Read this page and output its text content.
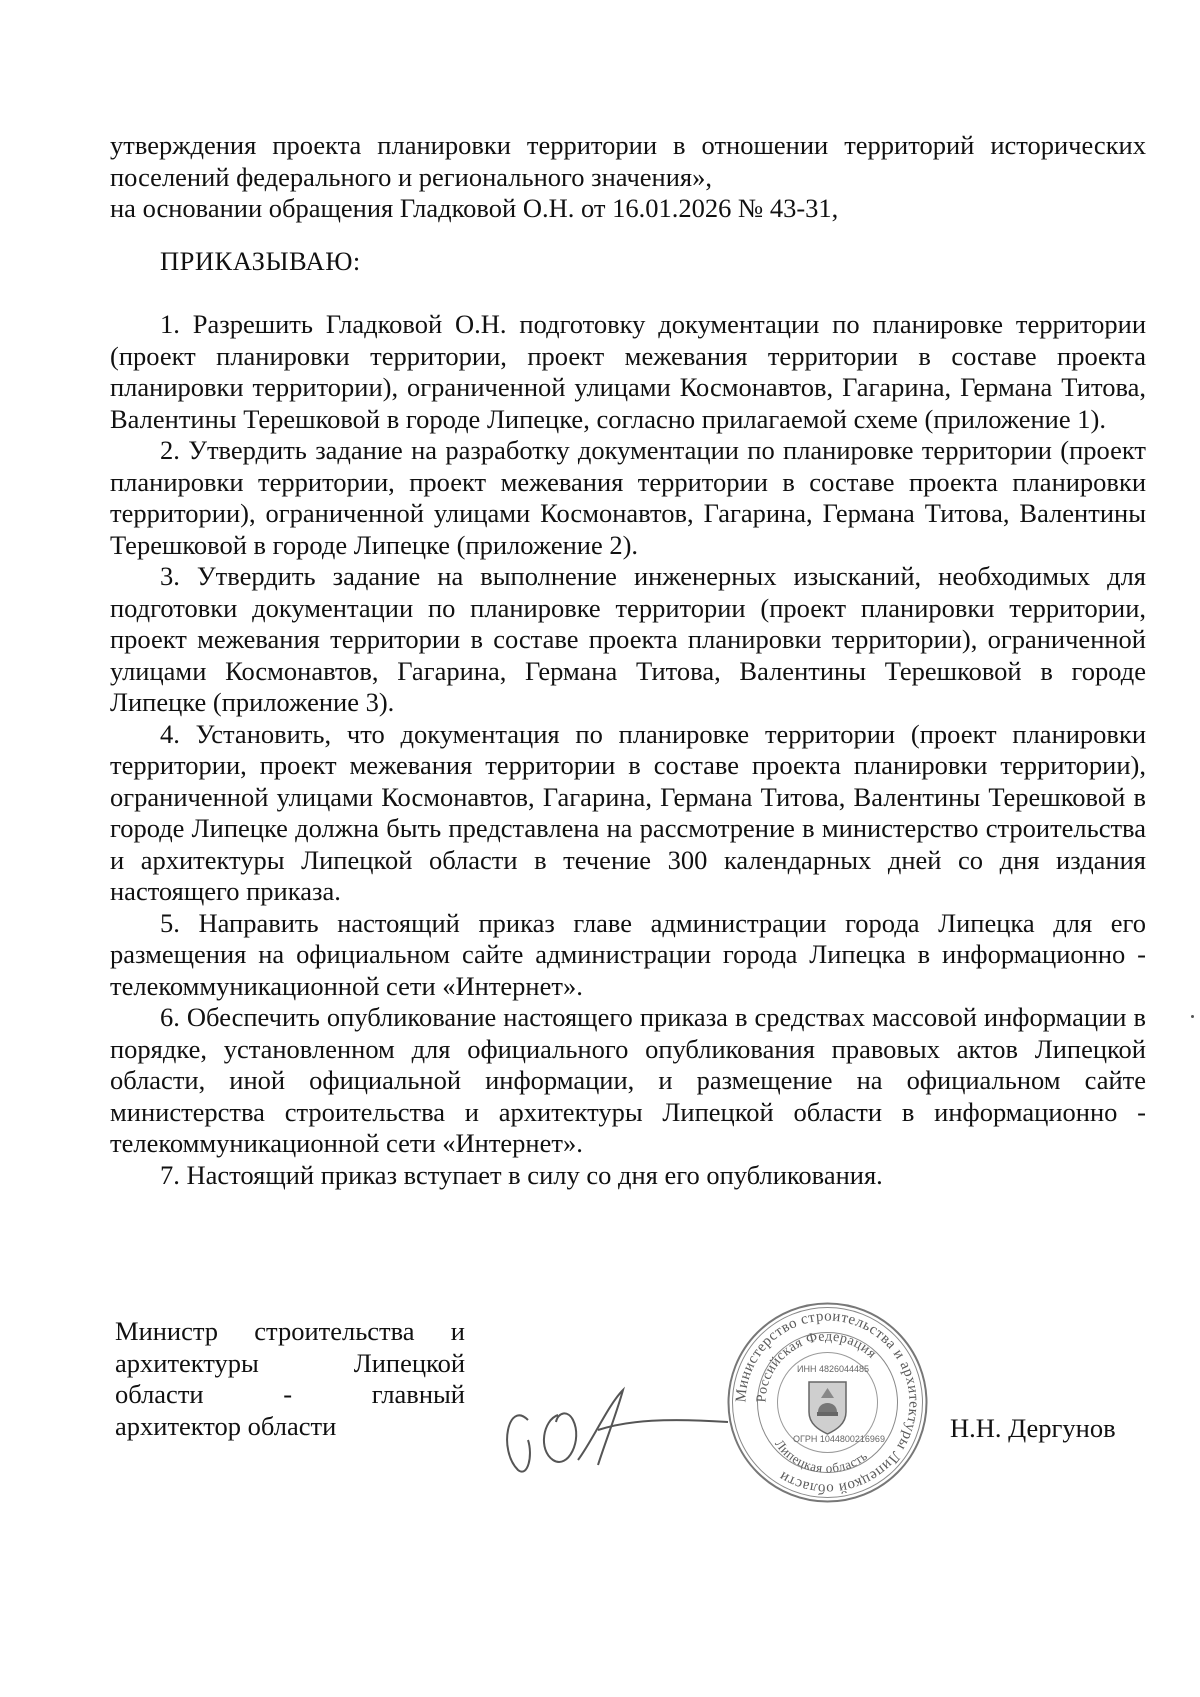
утверждения проекта планировки территории в отношении территорий исторических поселений федерального и регионального значения»,

на основании обращения Гладковой О.Н. от 16.01.2026 № 43-31,

ПРИКАЗЫВАЮ:

1. Разрешить Гладковой О.Н. подготовку документации по планировке территории (проект планировки территории, проект межевания территории в составе проекта планировки территории), ограниченной улицами Космонавтов, Гагарина, Германа Титова, Валентины Терешковой в городе Липецке, согласно прилагаемой схеме (приложение 1).

2. Утвердить задание на разработку документации по планировке территории (проект планировки территории, проект межевания территории в составе проекта планировки территории), ограниченной улицами Космонавтов, Гагарина, Германа Титова, Валентины Терешковой в городе Липецке (приложение 2).

3. Утвердить задание на выполнение инженерных изысканий, необходимых для подготовки документации по планировке территории (проект планировки территории, проект межевания территории в составе проекта планировки территории), ограниченной улицами Космонавтов, Гагарина, Германа Титова, Валентины Терешковой в городе Липецке (приложение 3).

4. Установить, что документация по планировке территории (проект планировки территории, проект межевания территории в составе проекта планировки территории), ограниченной улицами Космонавтов, Гагарина, Германа Титова, Валентины Терешковой в городе Липецке должна быть представлена на рассмотрение в министерство строительства и архитектуры Липецкой области в течение 300 календарных дней со дня издания настоящего приказа.

5. Направить настоящий приказ главе администрации города Липецка для его размещения на официальном сайте администрации города Липецка в информационно - телекоммуникационной сети «Интернет».

6. Обеспечить опубликование настоящего приказа в средствах массовой информации в порядке, установленном для официального опубликования правовых актов Липецкой области, иной официальной информации, и размещение на официальном сайте министерства строительства и архитектуры Липецкой области в информационно - телекоммуникационной сети «Интернет».

7. Настоящий приказ вступает в силу со дня его опубликования.

Министр строительства и
архитектуры Липецкой
области - главный
архитектор области
Министерство строительства и архитектуры Липецкой области
Российская Федерация
Липецкая область
ИНН 4826044485
ОГРН 1044800216969 Н.Н. Дергунов
